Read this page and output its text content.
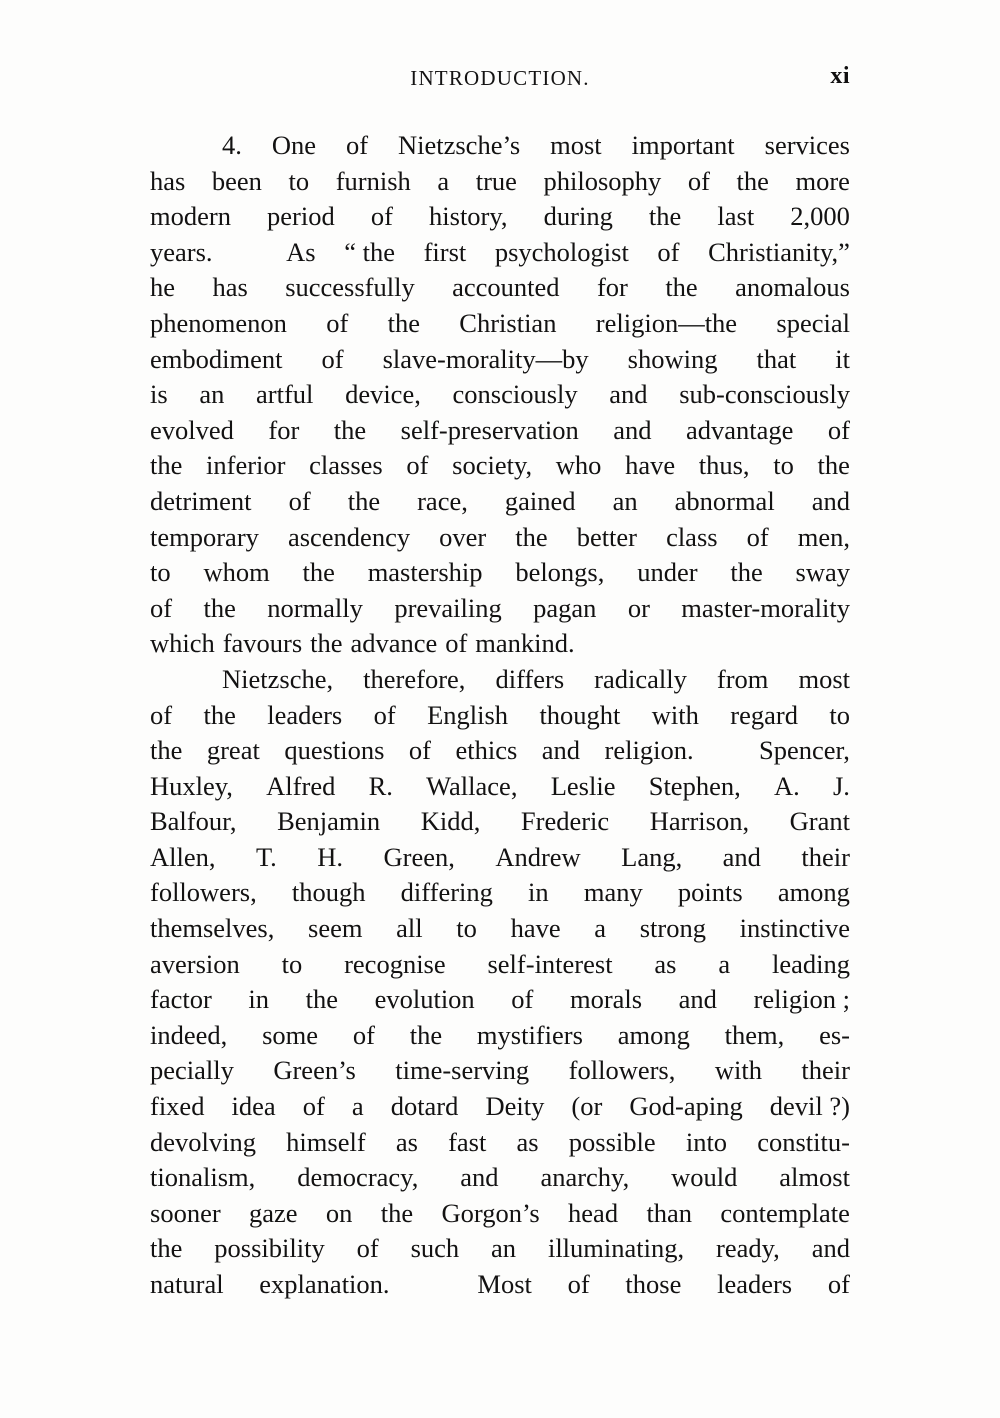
INTRODUCTION.	xi
4. One of Nietzsche’s most important services
has been to furnish a true philosophy of the more
modern period of history, during the last 2,000
years.	As “ the first psychologist of Christianity,”
he has successfully accounted for the anomalous
phenomenon of the Christian religion—the special
embodiment of slave-morality—by showing that it
is an artful device, consciously and sub-consciously
evolved for the self-preservation and advantage of
the inferior classes of society, who have thus, to the
detriment of the race, gained an abnormal and
temporary ascendency over the better class of men,
to whom the mastership belongs, under the sway
of the normally prevailing pagan or master-morality
which favours the advance of mankind.
Nietzsche, therefore, differs radically from most
of the leaders of English thought with regard to
the great questions of ethics and religion. Spencer,
Huxley, Alfred R. Wallace, Leslie Stephen, A. J.
Balfour, Benjamin Kidd, Frederic Harrison, Grant
Allen, T. H. Green, Andrew Lang, and their
followers, though differing in many points among
themselves, seem all to have a strong instinctive
aversion to recognise self-interest as a leading
factor in the evolution of morals and religion ;
indeed, some of the mystifiers among them, es-
pecially Green’s time-serving followers, with their
fixed idea of a dotard Deity (or God-aping devil ?)
devolving himself as fast as possible into constitu-
tionalism, democracy, and anarchy, would almost
sooner gaze on the Gorgon’s head than contemplate
the possibility of such an illuminating, ready, and
natural explanation.	Most of those leaders of
